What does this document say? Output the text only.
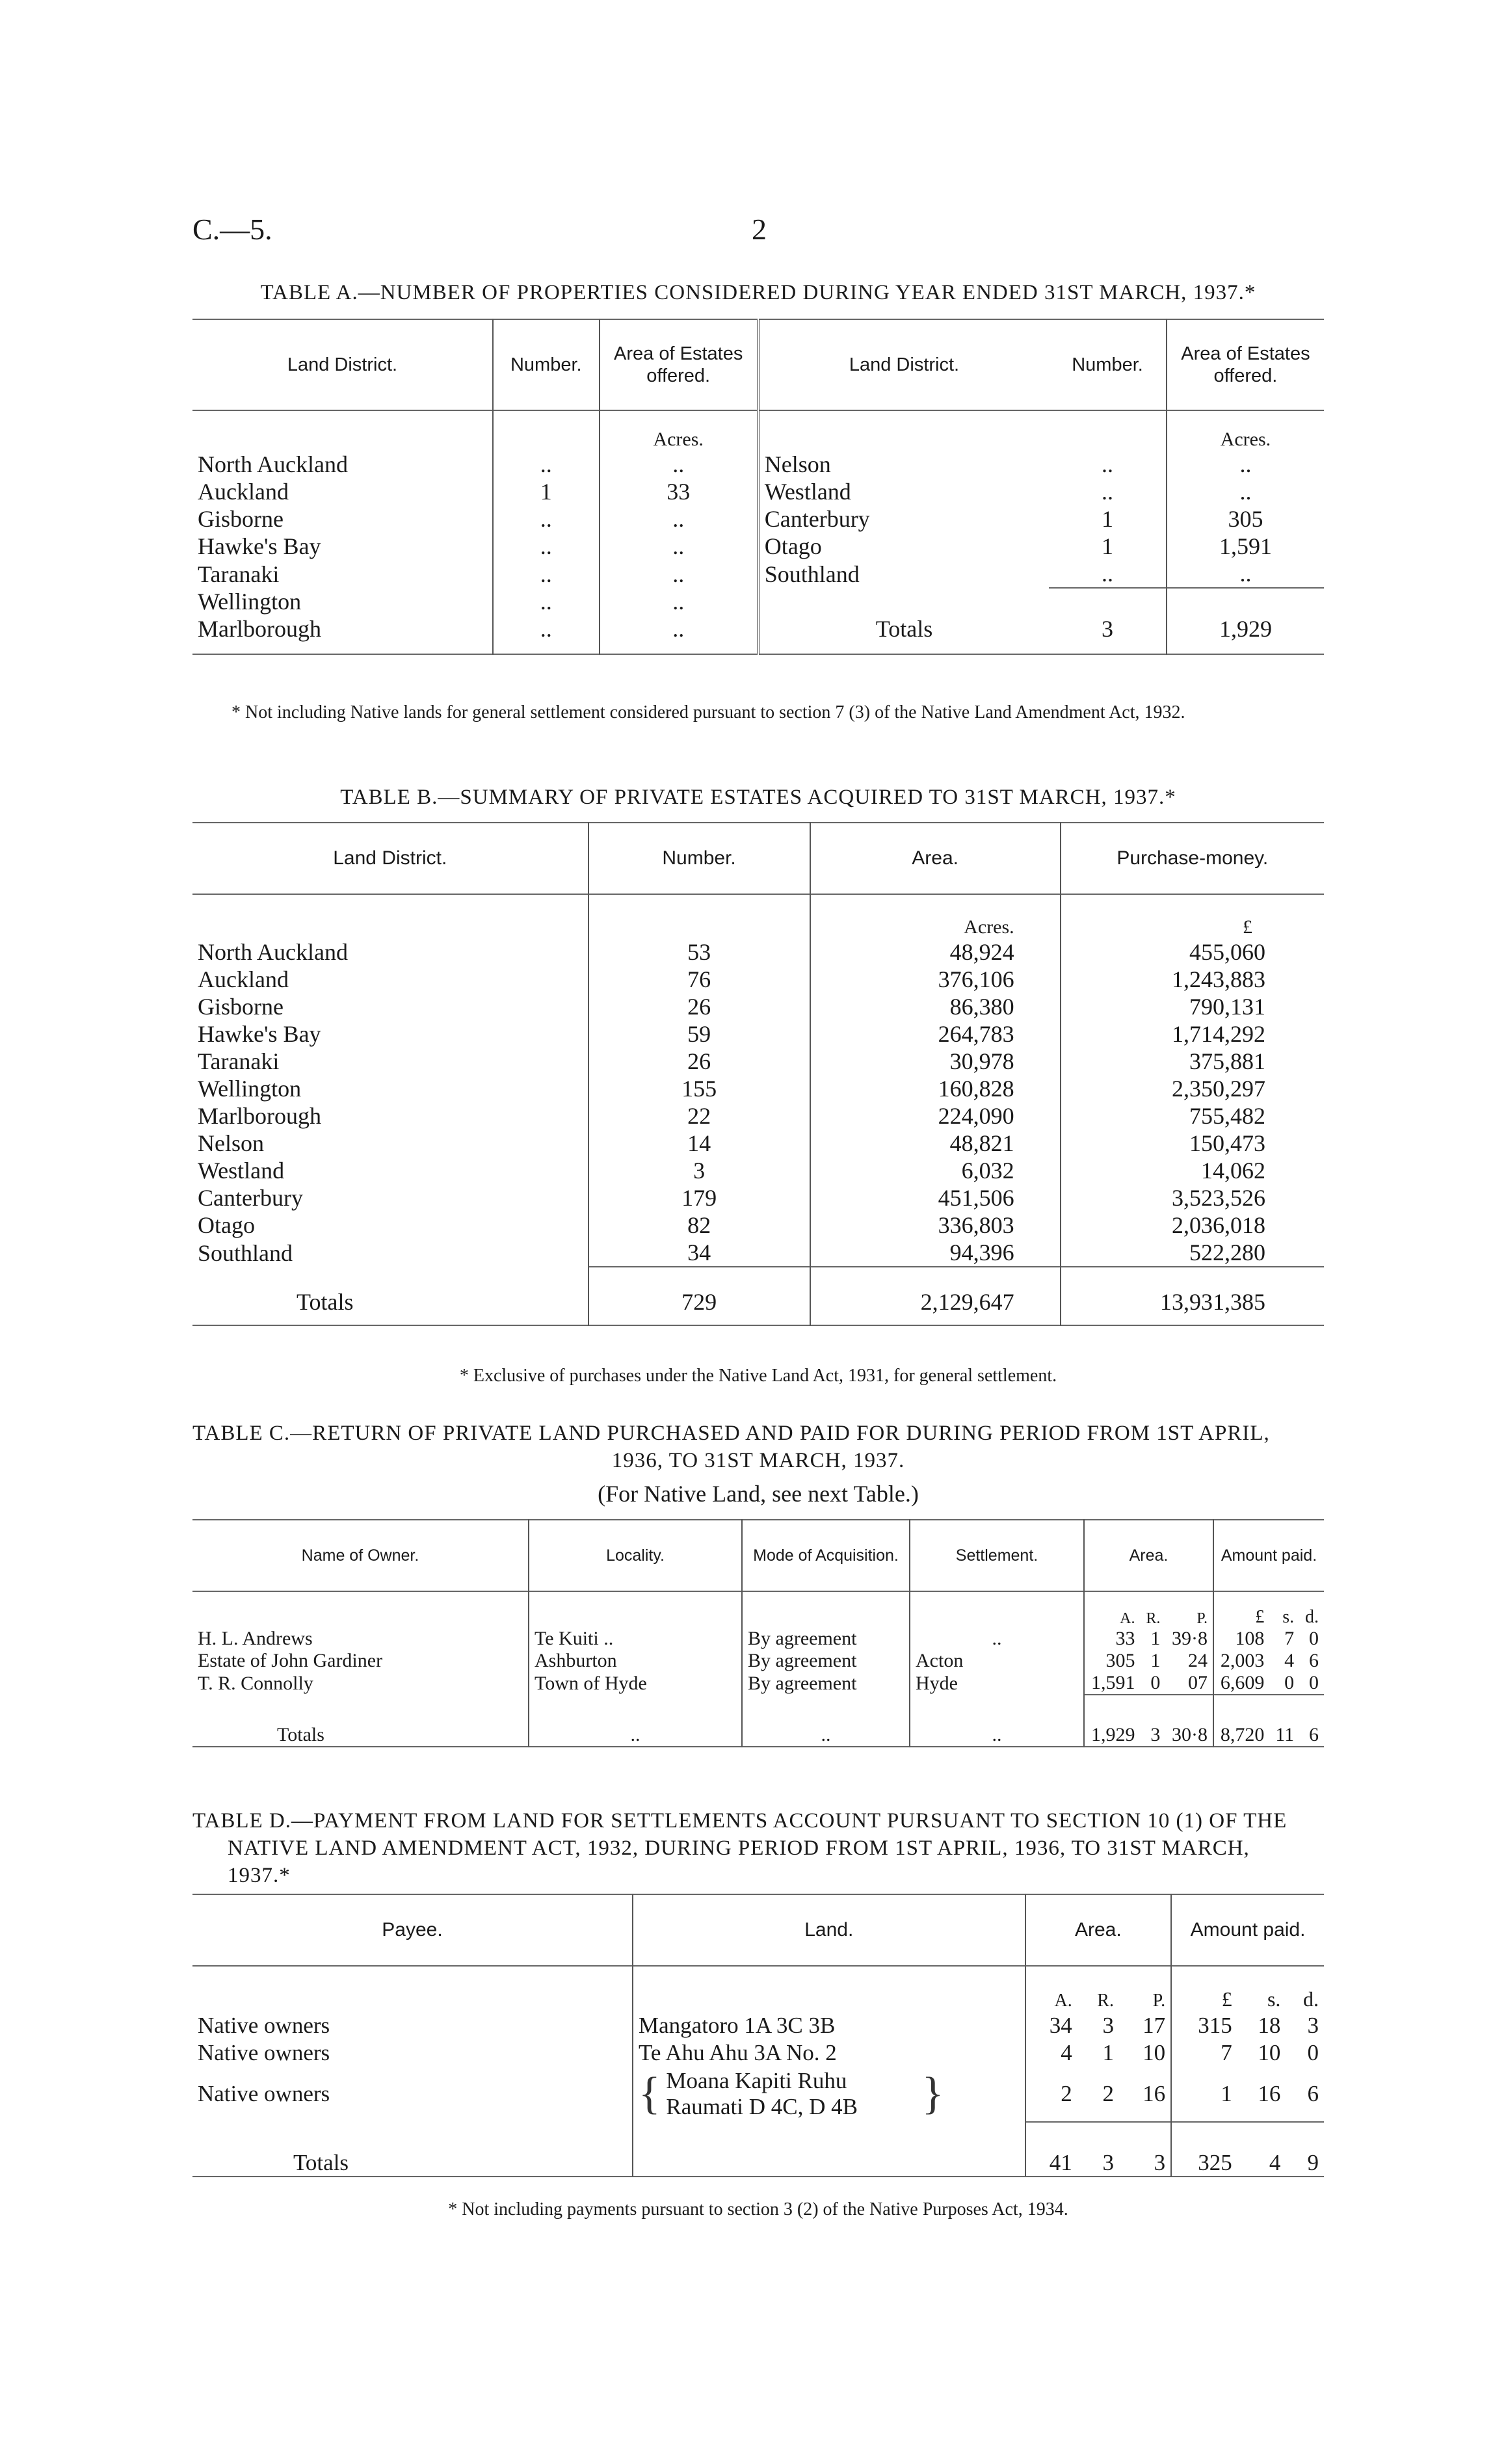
C.—5.	2
TABLE A.—NUMBER OF PROPERTIES CONSIDERED DURING YEAR ENDED 31ST MARCH, 1937.*
Land District.	Number.	Area of Estates offered.	Land District.	Number.	Area of Estates offered.
		Acres.			Acres.
North Auckland	..	..	Nelson	..	..
Auckland	1	33	Westland	..	..
Gisborne	..	..	Canterbury	1	305
Hawke's Bay	..	..	Otago	1	1,591
Taranaki	..	..	Southland	..	..
Wellington	..	..			
Marlborough	..	..	Totals	3	1,929
* Not including Native lands for general settlement considered pursuant to section 7 (3) of the Native Land Amendment Act, 1932.
TABLE B.—SUMMARY OF PRIVATE ESTATES ACQUIRED TO 31ST MARCH, 1937.*
Land District.	Number.	Area.	Purchase-money.
		Acres.	£
North Auckland	53	48,924	455,060
Auckland	76	376,106	1,243,883
Gisborne	26	86,380	790,131
Hawke's Bay	59	264,783	1,714,292
Taranaki	26	30,978	375,881
Wellington	155	160,828	2,350,297
Marlborough	22	224,090	755,482
Nelson	14	48,821	150,473
Westland	3	6,032	14,062
Canterbury	179	451,506	3,523,526
Otago	82	336,803	2,036,018
Southland	34	94,396	522,280
Totals	729	2,129,647	13,931,385
* Exclusive of purchases under the Native Land Act, 1931, for general settlement.
TABLE C.—RETURN OF PRIVATE LAND PURCHASED AND PAID FOR DURING PERIOD FROM 1ST APRIL,
1936, TO 31ST MARCH, 1937.
(For Native Land, see next Table.)
Name of Owner.	Locality.	Mode of Acquisition.	Settlement.	Area.			Amount paid.		
				A.	R.	P.	£	s.	d.
H. L. Andrews	Te Kuiti ..	By agreement	..	33	1	39·8	108	7	0
Estate of John Gardiner	Ashburton	By agreement	Acton	305	1	24	2,003	4	6
T. R. Connolly	Town of Hyde	By agreement	Hyde	1,591	0	07	6,609	0	0
Totals	..	..	..	1,929	3	30·8	8,720	11	6
TABLE D.—PAYMENT FROM LAND FOR SETTLEMENTS ACCOUNT PURSUANT TO SECTION 10 (1) OF THE
NATIVE LAND AMENDMENT ACT, 1932, DURING PERIOD FROM 1ST APRIL, 1936, TO 31ST MARCH,
1937.*
Payee.	Land.	Area.			Amount paid.		
		A.	R.	P.	£	s.	d.
Native owners	Mangatoro 1A 3C 3B	34	3	17	315	18	3
Native owners	Te Ahu Ahu 3A No. 2	4	1	10	7	10	0
Native owners	{ Moana Kapiti Ruhu
Raumati D 4C, D 4B }	2	2	16	1	16	6
Totals		41	3	3	325	4	9
* Not including payments pursuant to section 3 (2) of the Native Purposes Act, 1934.
